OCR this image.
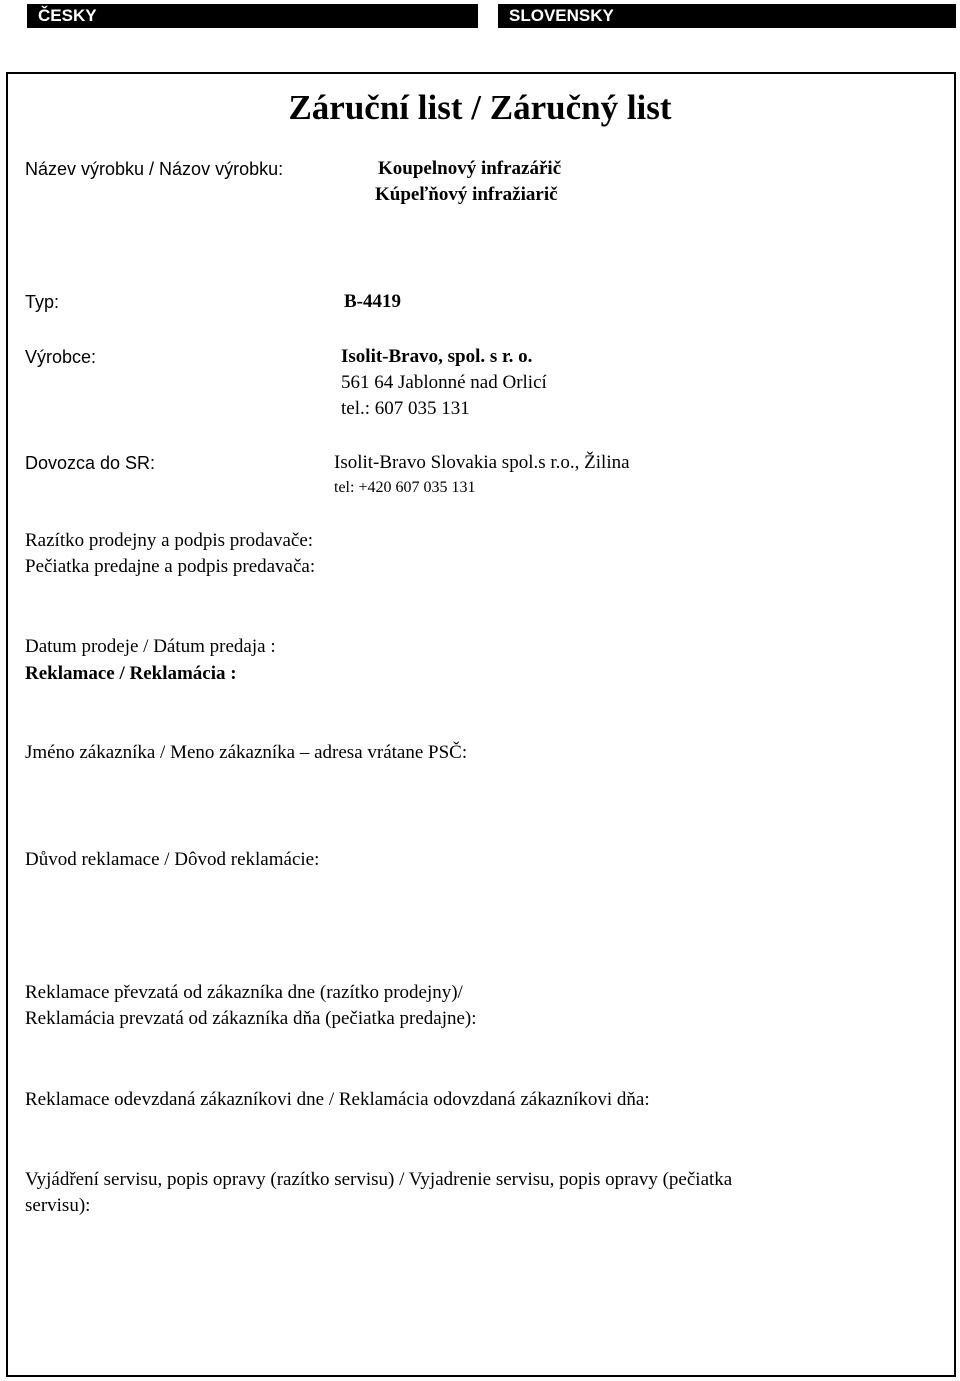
ČESKY	SLOVENSKY
Záruční list / Záručný list
Název výrobku / Názov výrobku:	Koupelnový infrazářič
Kúpeľňový infražiarič
Typ:	B-4419
Výrobce:	Isolit-Bravo, spol. s r. o.
561 64 Jablonné nad Orlicí
tel.: 607 035 131
Dovozca do SR:	Isolit-Bravo Slovakia spol.s r.o., Žilina
tel: +420 607 035 131
Razítko prodejny a podpis prodavače:
Pečiatka predajne a podpis predavača:
Datum prodeje / Dátum predaja :
Reklamace / Reklamácia :
Jméno zákazníka / Meno zákazníka – adresa vrátane PSČ:
Důvod reklamace / Dôvod reklamácie:
Reklamace převzatá od zákazníka dne (razítko prodejny)/
Reklamácia prevzatá od zákazníka dňa (pečiatka predajne):
Reklamace odevzdaná zákazníkovi dne / Reklamácia odovzdaná zákazníkovi dňa:
Vyjádření servisu, popis opravy (razítko servisu) / Vyjadrenie servisu, popis opravy (pečiatka
servisu):
